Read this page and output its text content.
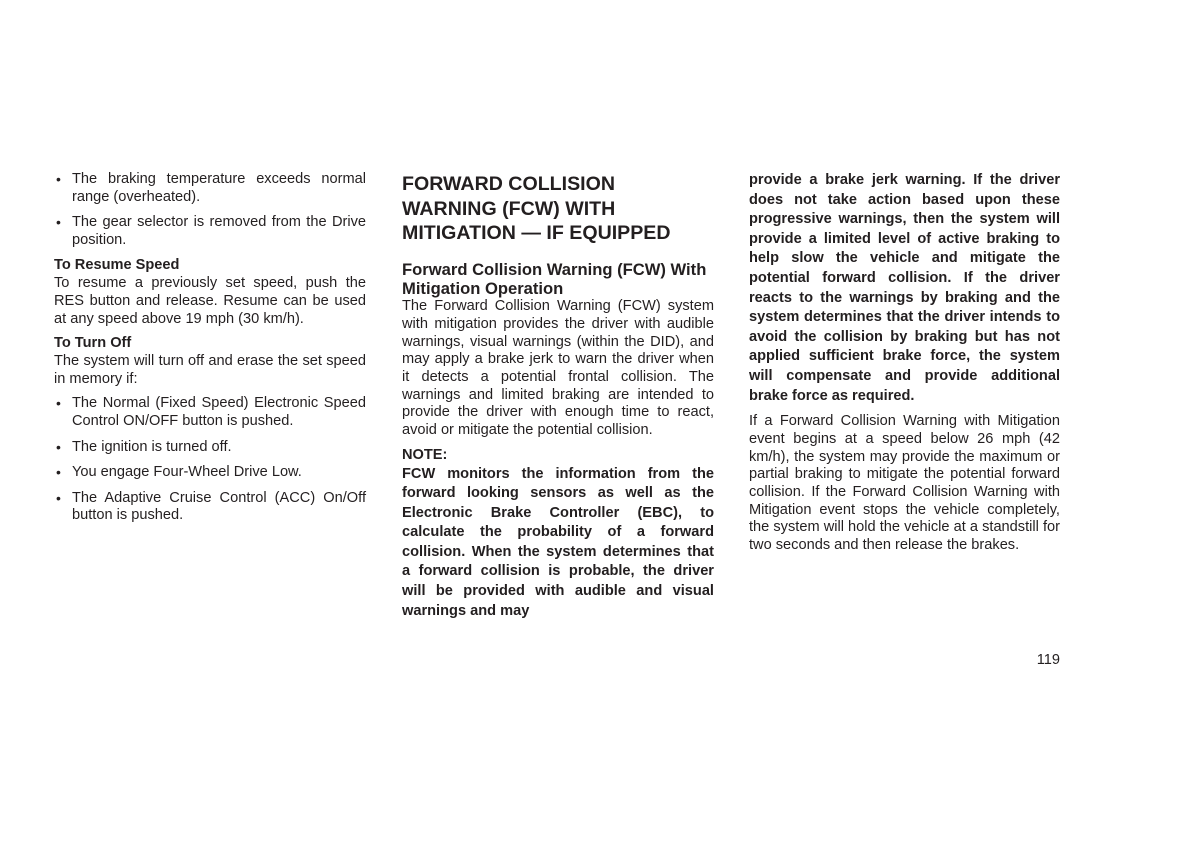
• The braking temperature exceeds normal range (overheated).
• The gear selector is removed from the Drive position.
To Resume Speed

To resume a previously set speed, push the RES button and release. Resume can be used at any speed above 19 mph (30 km/h).

To Turn Off

The system will turn off and erase the set speed in memory if:

• The Normal (Fixed Speed) Electronic Speed Control ON/OFF button is pushed.
• The ignition is turned off.
• You engage Four-Wheel Drive Low.
• The Adaptive Cruise Control (ACC) On/Off button is pushed.
FORWARD COLLISION WARNING (FCW) WITH MITIGATION — IF EQUIPPED
Forward Collision Warning (FCW) With Mitigation Operation

The Forward Collision Warning (FCW) system with mitigation provides the driver with audible warnings, visual warnings (within the DID), and may apply a brake jerk to warn the driver when it detects a potential frontal collision. The warnings and limited braking are intended to provide the driver with enough time to react, avoid or mitigate the potential collision.

NOTE:

FCW monitors the information from the forward looking sensors as well as the Electronic Brake Controller (EBC), to calculate the probability of a forward collision. When the system determines that a forward collision is probable, the driver will be provided with audible and visual warnings and may

provide a brake jerk warning. If the driver does not take action based upon these progressive warnings, then the system will provide a limited level of active braking to help slow the vehicle and mitigate the potential forward collision. If the driver reacts to the warnings by braking and the system determines that the driver intends to avoid the collision by braking but has not applied sufficient brake force, the system will compensate and provide additional brake force as required.

If a Forward Collision Warning with Mitigation event begins at a speed below 26 mph (42 km/h), the system may provide the maximum or partial braking to mitigate the potential forward collision. If the Forward Collision Warning with Mitigation event stops the vehicle completely, the system will hold the vehicle at a standstill for two seconds and then release the brakes.

119
